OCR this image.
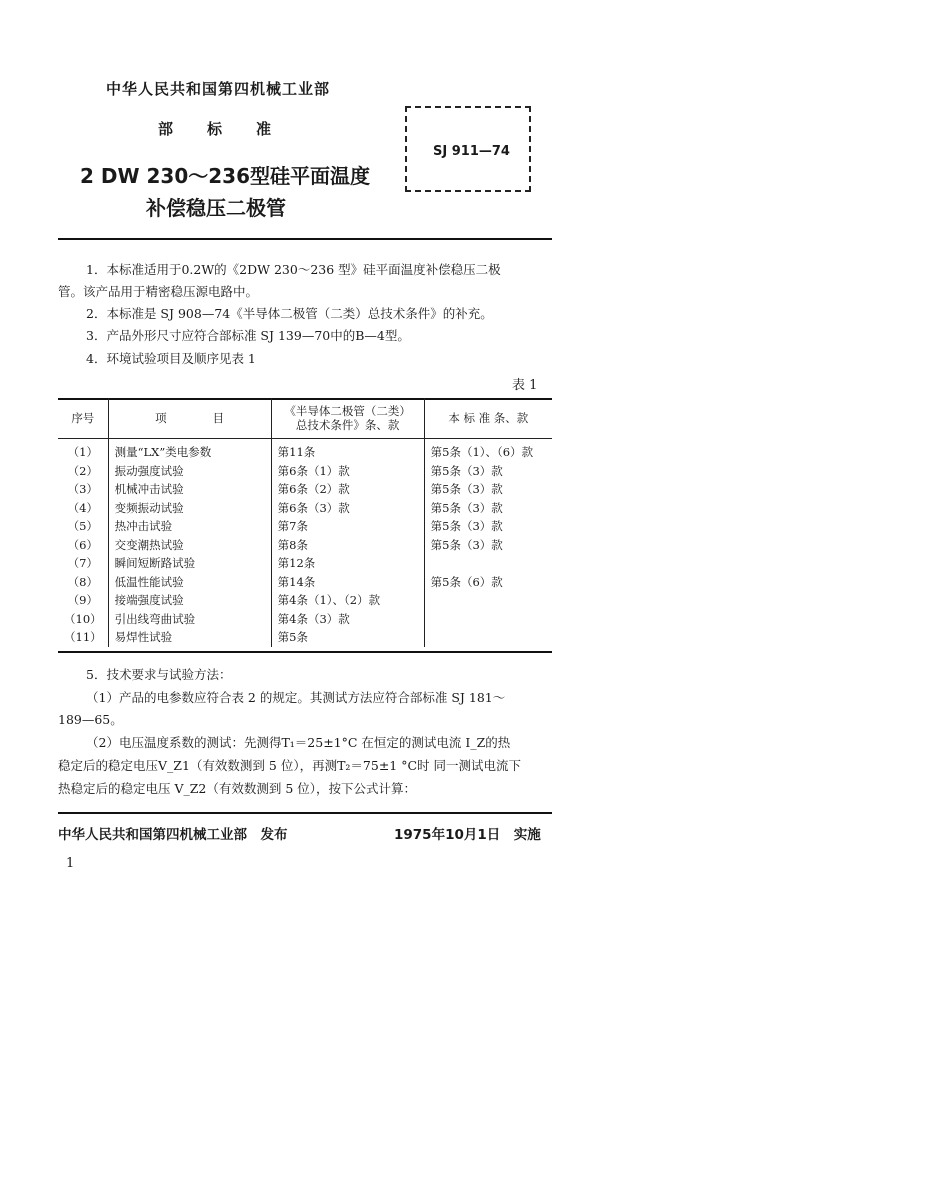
中华人民共和国第四机械工业部
部 标 准
2 DW 230～236型硅平面温度
补偿稳压二极管
SJ 911—74
1．本标准适用于0.2W的《2DW 230～236 型》硅平面温度补偿稳压二极
管。该产品用于精密稳压源电路中。
2．本标准是 SJ 908—74《半导体二极管（二类）总技术条件》的补充。
3．产品外形尺寸应符合部标准 SJ 139—70中的B—4型。
4．环境试验项目及顺序见表 1
表 1
序号	项　　　　目	《半导体二极管（二类）
总技术条件》条、款	本 标 准 条、款
（1）	测量“LX”类电参数	第11条	第5条（1）、（6）款
（2）	振动强度试验	第6条（1）款	第5条（3）款
（3）	机械冲击试验	第6条（2）款	第5条（3）款
（4）	变频振动试验	第6条（3）款	第5条（3）款
（5）	热冲击试验	第7条	第5条（3）款
（6）	交变潮热试验	第8条	第5条（3）款
（7）	瞬间短断路试验	第12条	
（8）	低温性能试验	第14条	第5条（6）款
（9）	接端强度试验	第4条（1）、（2）款	
（10）	引出线弯曲试验	第4条（3）款	
（11）	易焊性试验	第5条	
5．技术要求与试验方法：
（1）产品的电参数应符合表 2 的规定。其测试方法应符合部标准 SJ 181～
189—65。
（2）电压温度系数的测试：先测得T₁＝25±1°C 在恒定的测试电流 I_Z的热
稳定后的稳定电压V_Z1（有效数测到 5 位），再测T₂＝75±1 °C时 同一测试电流下
热稳定后的稳定电压 V_Z2（有效数测到 5 位），按下公式计算：
中华人民共和国第四机械工业部　发布	1975年10月1日　实施
1
